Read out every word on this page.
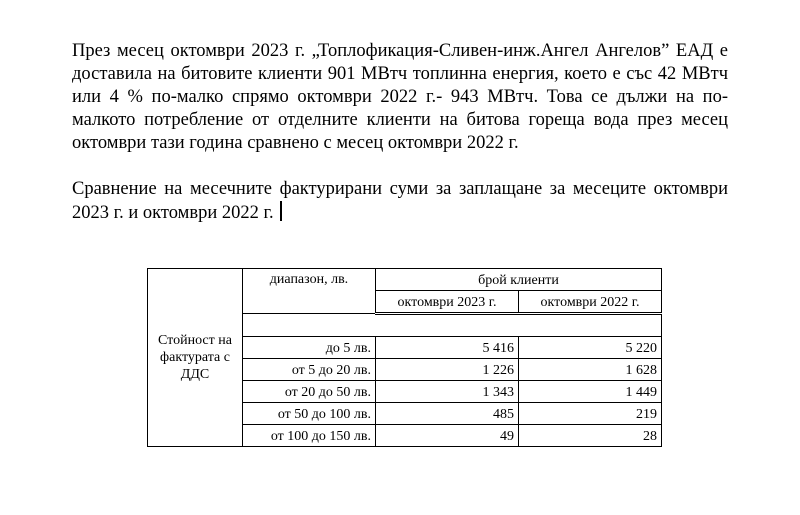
През месец октомври 2023 г. „Топлофикация-Сливен-инж.Ангел Ангелов” ЕАД е доставила на битовите клиенти 901 МВтч топлинна енергия, което е със 42 МВтч или 4 % по-малко спрямо октомври 2022 г.- 943 МВтч. Това се дължи на по-малкото потребление от отделните клиенти на битова гореща вода през месец октомври тази година сравнено с месец октомври 2022 г.

Сравнение на месечните фактурирани суми за заплащане за месеците октомври 2023 г. и октомври 2022 г.

Стойност на фактурата с ДДС	диапазон, лв.	брой клиенти	
		октомври 2023 г.	октомври 2022 г.

	до 5 лв.	5 416	5 220
	от 5 до 20 лв.	1 226	1 628
	от 20 до 50 лв.	1 343	1 449
	от 50 до 100 лв.	485	219
	от 100 до 150 лв.	49	28
